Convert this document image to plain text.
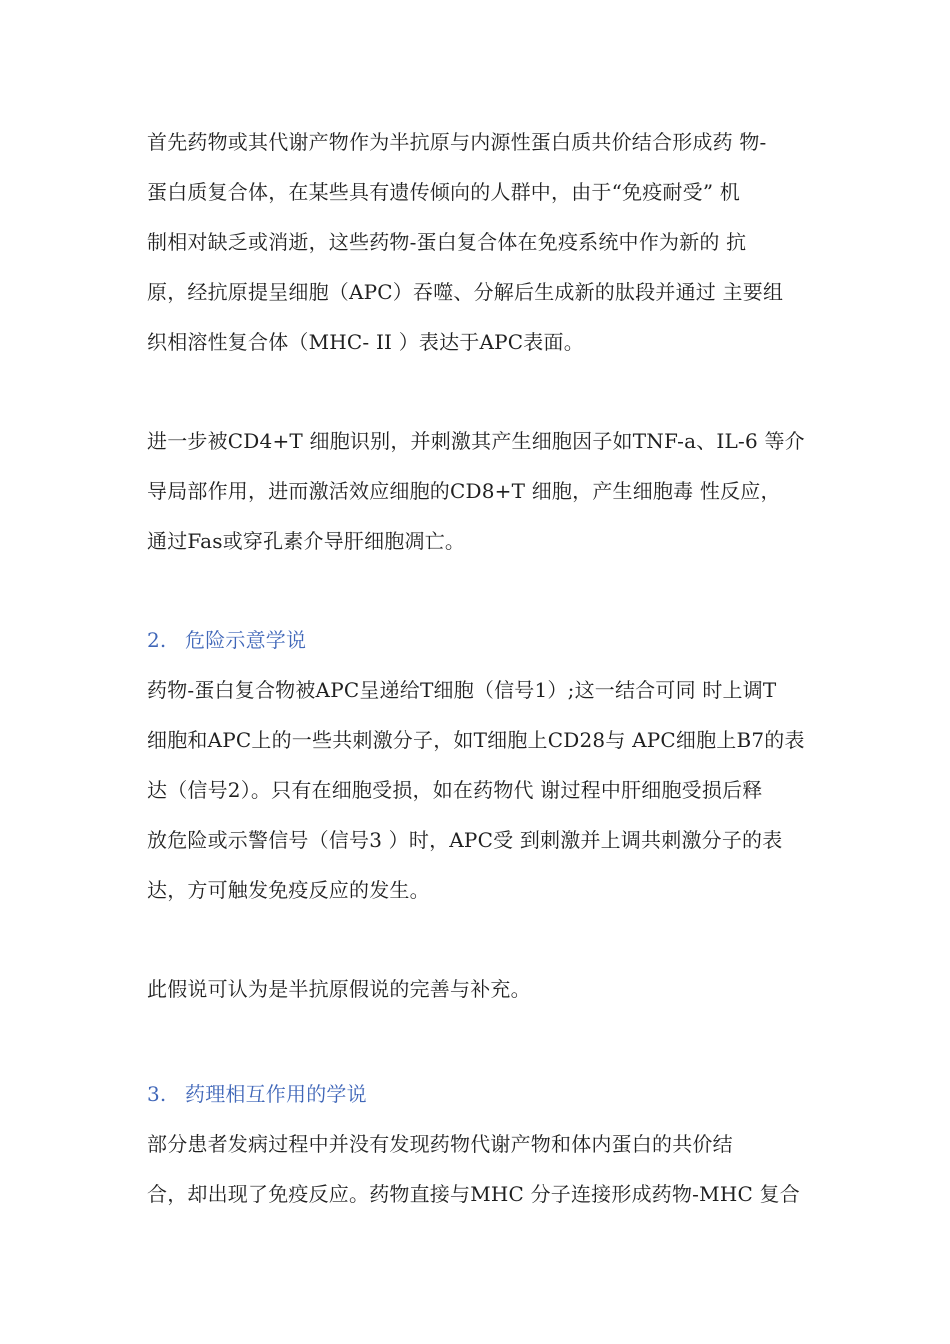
首先药物或其代谢产物作为半抗原与内源性蛋白质共价结合形成药 物-
蛋白质复合体，在某些具有遗传倾向的人群中，由于“免疫耐受” 机
制相对缺乏或消逝，这些药物-蛋白复合体在免疫系统中作为新的 抗
原，经抗原提呈细胞（APC）吞噬、分解后生成新的肽段并通过 主要组
织相溶性复合体（MHC- II ）表达于APC表面。
进一步被CD4+T 细胞识别，并刺激其产生细胞因子如TNF-a、IL-6 等介
导局部作用，进而激活效应细胞的CD8+T 细胞，产生细胞毒 性反应，
通过Fas或穿孔素介导肝细胞凋亡。
2. 危险示意学说
药物-蛋白复合物被APC呈递给T细胞（信号1）;这一结合可同 时上调T
细胞和APC上的一些共刺激分子，如T细胞上CD28与 APC细胞上B7的表
达（信号2）。只有在细胞受损，如在药物代 谢过程中肝细胞受损后释
放危险或示警信号（信号3 ）时，APC受 到刺激并上调共刺激分子的表
达，方可触发免疫反应的发生。
此假说可认为是半抗原假说的完善与补充。
3. 药理相互作用的学说
部分患者发病过程中并没有发现药物代谢产物和体内蛋白的共价结
合，却出现了免疫反应。药物直接与MHC 分子连接形成药物-MHC 复合
